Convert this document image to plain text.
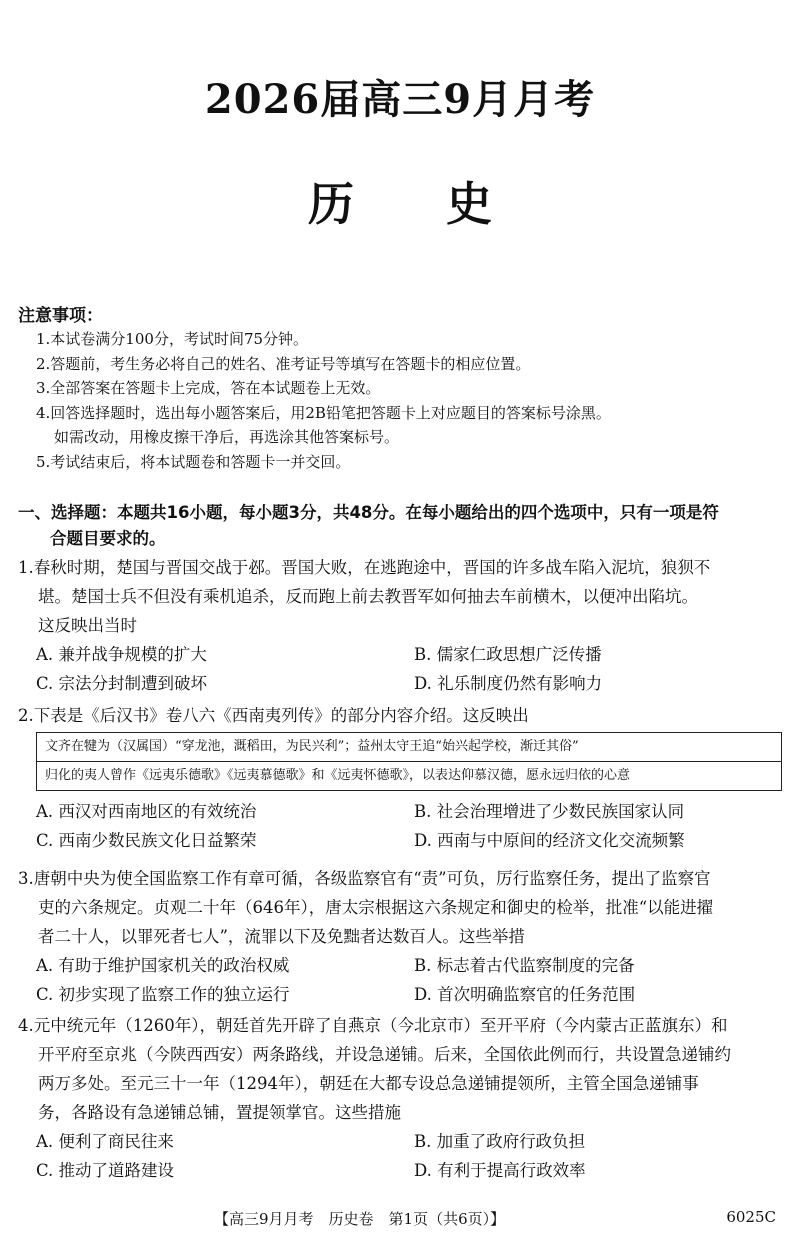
2026届高三9月月考
历 史
注意事项：
1.本试卷满分100分，考试时间75分钟。
2.答题前，考生务必将自己的姓名、准考证号等填写在答题卡的相应位置。
3.全部答案在答题卡上完成，答在本试题卷上无效。
4.回答选择题时，选出每小题答案后，用2B铅笔把答题卡上对应题目的答案标号涂黑。
如需改动，用橡皮擦干净后，再选涂其他答案标号。
5.考试结束后，将本试题卷和答题卡一并交回。
一、选择题：本题共16小题，每小题3分，共48分。在每小题给出的四个选项中，只有一项是符
合题目要求的。
1.春秋时期，楚国与晋国交战于邲。晋国大败，在逃跑途中，晋国的许多战车陷入泥坑，狼狈不
堪。楚国士兵不但没有乘机追杀，反而跑上前去教晋军如何抽去车前横木，以便冲出陷坑。
这反映出当时
A. 兼并战争规模的扩大	B. 儒家仁政思想广泛传播
C. 宗法分封制遭到破坏	D. 礼乐制度仍然有影响力
2.下表是《后汉书》卷八六《西南夷列传》的部分内容介绍。这反映出
文齐在犍为（汉属国）“穿龙池，溉稻田，为民兴利”；益州太守王追“始兴起学校，渐迁其俗”
归化的夷人曾作《远夷乐德歌》《远夷慕德歌》和《远夷怀德歌》，以表达仰慕汉德，愿永远归依的心意
A. 西汉对西南地区的有效统治	B. 社会治理增进了少数民族国家认同
C. 西南少数民族文化日益繁荣	D. 西南与中原间的经济文化交流频繁
3.唐朝中央为使全国监察工作有章可循，各级监察官有“责”可负，厉行监察任务，提出了监察官
吏的六条规定。贞观二十年（646年），唐太宗根据这六条规定和御史的检举，批准“以能进擢
者二十人，以罪死者七人”，流罪以下及免黜者达数百人。这些举措
A. 有助于维护国家机关的政治权威	B. 标志着古代监察制度的完备
C. 初步实现了监察工作的独立运行	D. 首次明确监察官的任务范围
4.元中统元年（1260年），朝廷首先开辟了自燕京（今北京市）至开平府（今内蒙古正蓝旗东）和
开平府至京兆（今陕西西安）两条路线，并设急递铺。后来，全国依此例而行，共设置急递铺约
两万多处。至元三十一年（1294年），朝廷在大都专设总急递铺提领所，主管全国急递铺事
务，各路设有急递铺总铺，置提领掌官。这些措施
A. 便利了商民往来	B. 加重了政府行政负担
C. 推动了道路建设	D. 有利于提高行政效率
【高三9月月考　历史卷　第1页（共6页）】	6025C
